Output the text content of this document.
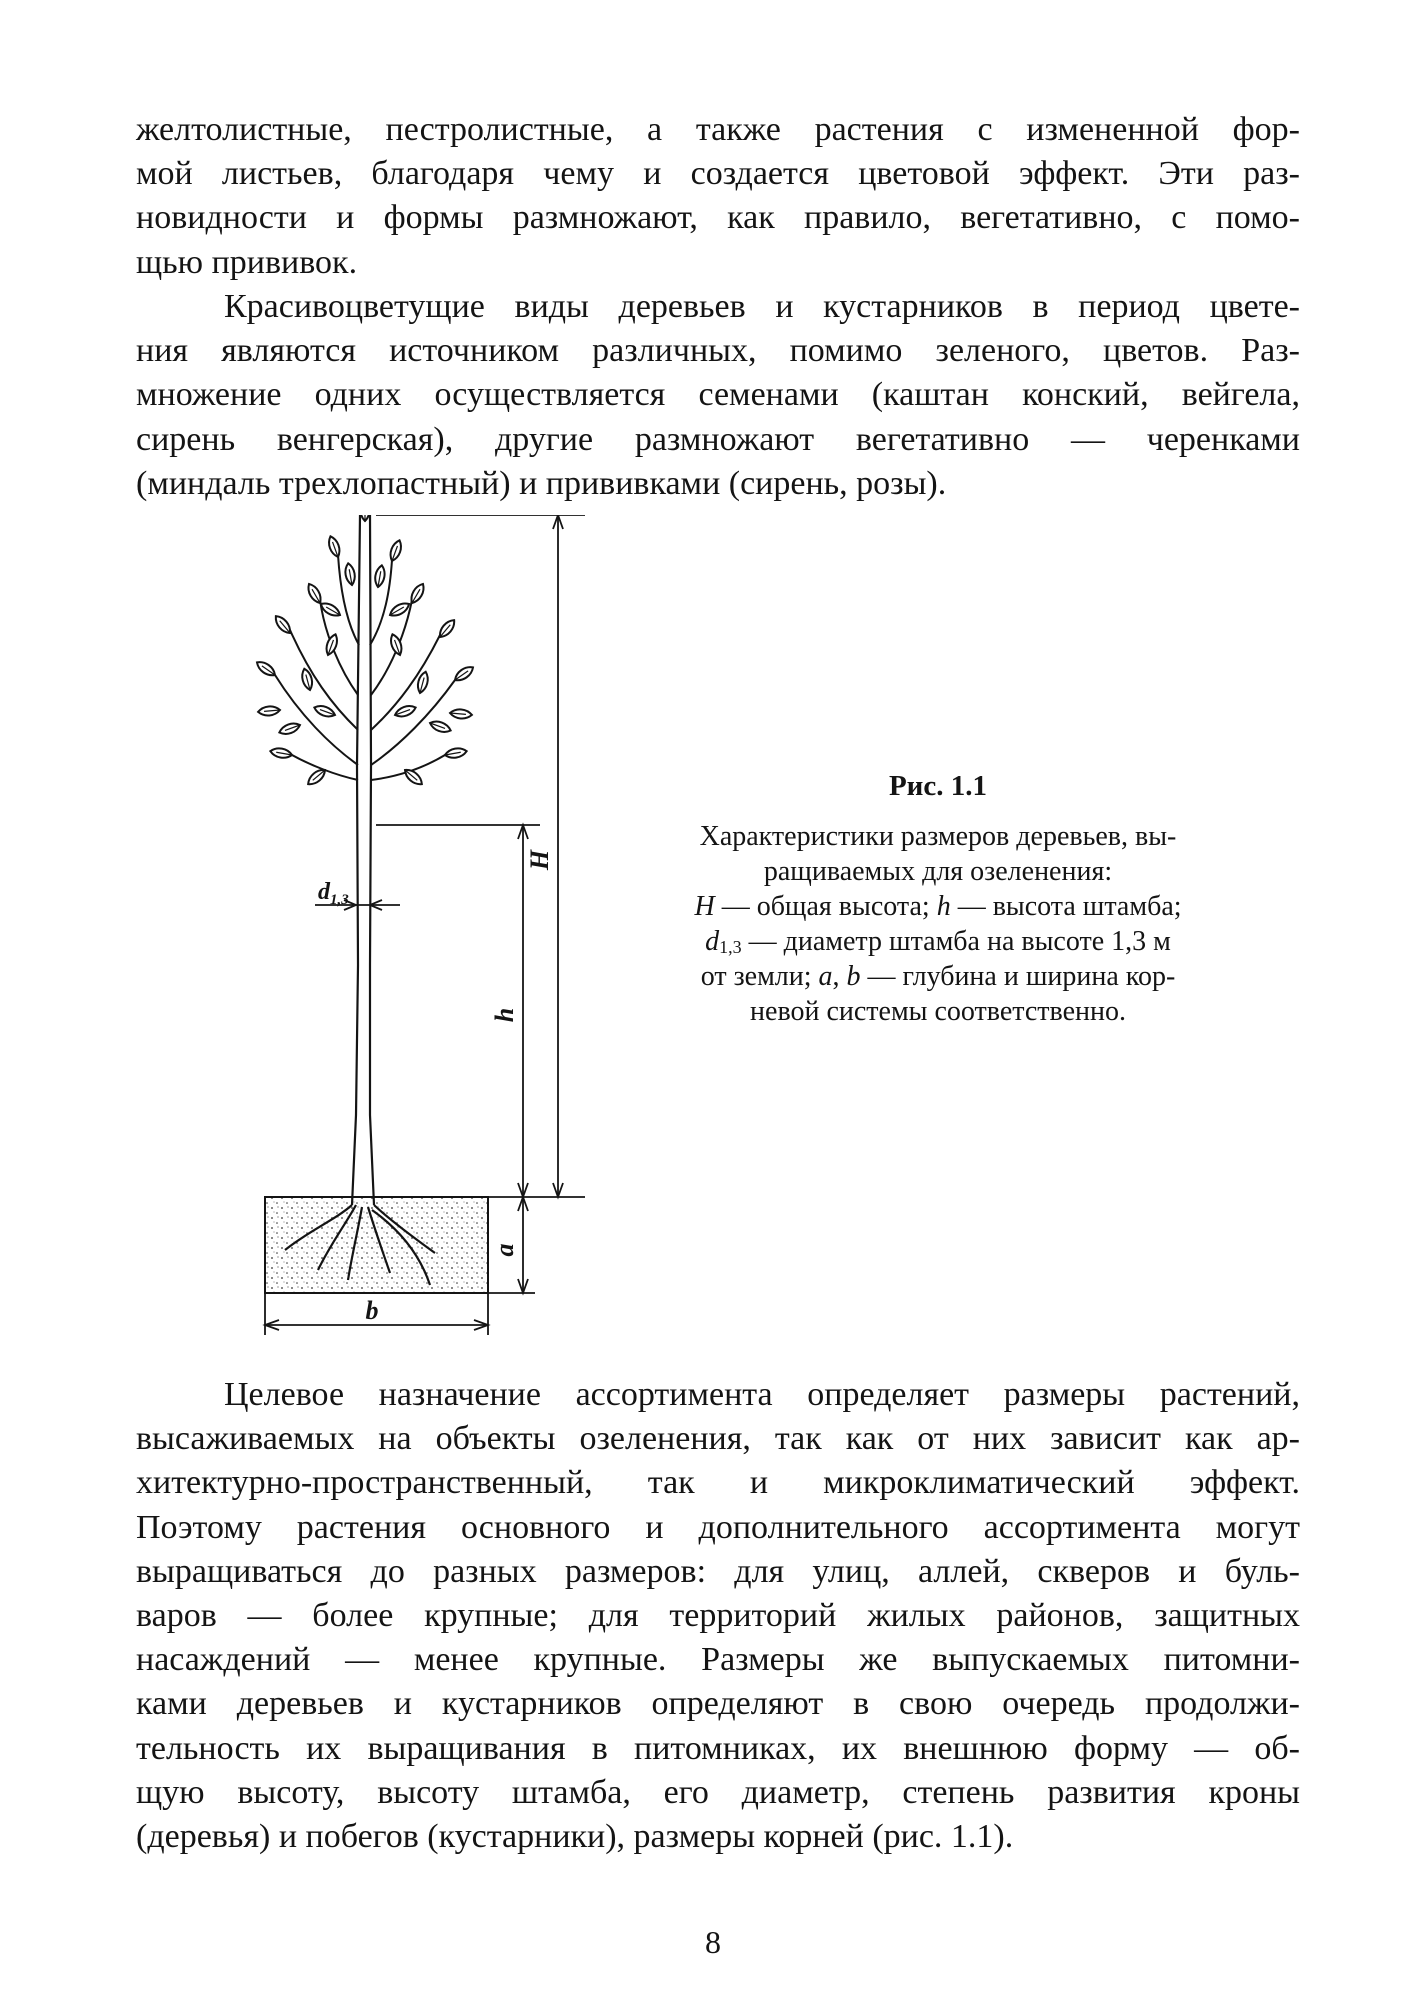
желтолистные, пестролистные, а также растения с измененной фор-
мой листьев, благодаря чему и создается цветовой эффект. Эти раз-
новидности и формы размножают, как правило, вегетативно, с помо-
щью прививок.
Красивоцветущие виды деревьев и кустарников в период цвете-
ния являются источником различных, помимо зеленого, цветов. Раз-
множение одних осуществляется семенами (каштан конский, вейгела,
сирень венгерская), другие размножают вегетативно — черенками
(миндаль трехлопастный) и прививками (сирень, розы).
H
h
a
b
$d_{1,3}$
Рис. 1.1
Характеристики размеров деревьев, вы-
ращиваемых для озеленения:
H — общая высота; h — высота штамба;
$d_{1,3}$ — диаметр штамба на высоте 1,3 м
от земли; a, b — глубина и ширина кор-
невой системы соответственно.
Целевое назначение ассортимента определяет размеры растений,
высаживаемых на объекты озеленения, так как от них зависит как ар-
хитектурно-пространственный, так и микроклиматический эффект.
Поэтому растения основного и дополнительного ассортимента могут
выращиваться до разных размеров: для улиц, аллей, скверов и буль-
варов — более крупные; для территорий жилых районов, защитных
насаждений — менее крупные. Размеры же выпускаемых питомни-
ками деревьев и кустарников определяют в свою очередь продолжи-
тельность их выращивания в питомниках, их внешнюю форму — об-
щую высоту, высоту штамба, его диаметр, степень развития кроны
(деревья) и побегов (кустарники), размеры корней (рис. 1.1).
8
